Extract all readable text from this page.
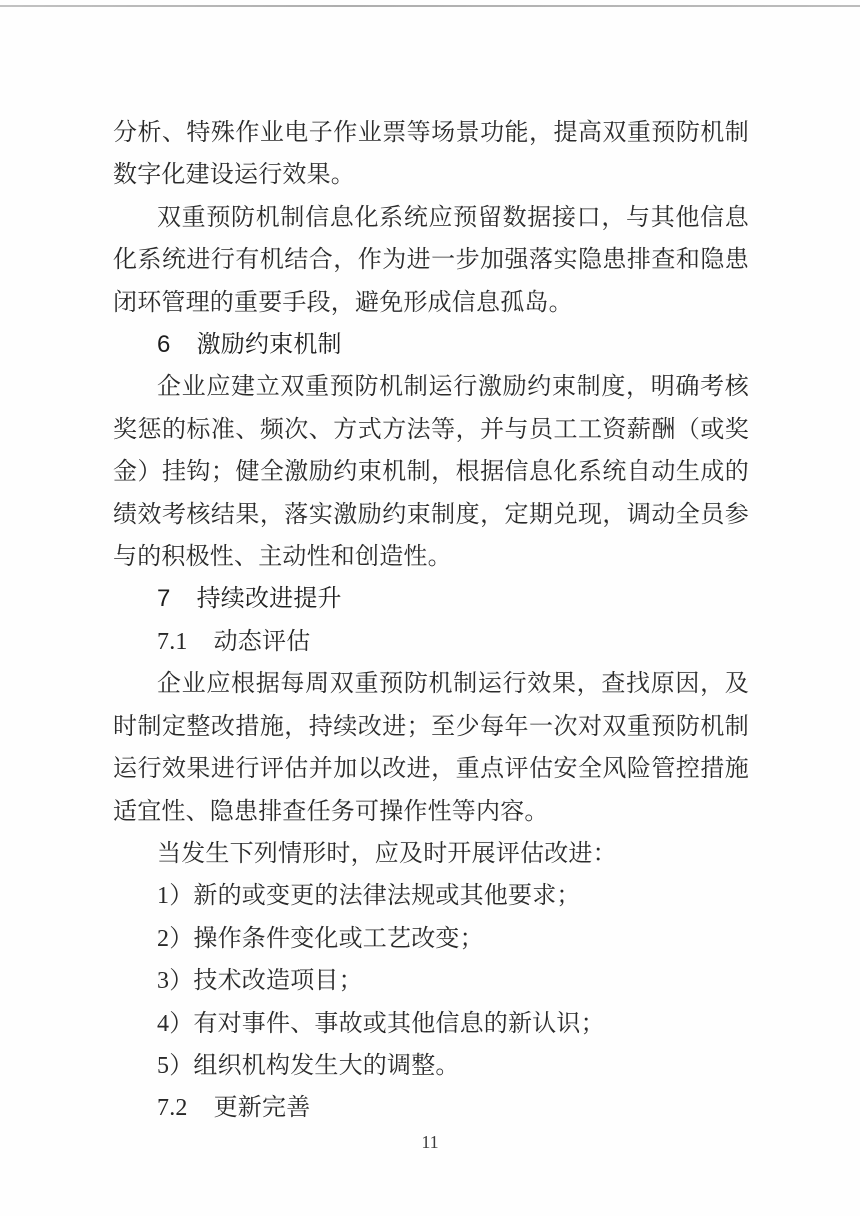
分析、特殊作业电子作业票等场景功能，提高双重预防机制数字化建设运行效果。

双重预防机制信息化系统应预留数据接口，与其他信息化系统进行有机结合，作为进一步加强落实隐患排查和隐患闭环管理的重要手段，避免形成信息孤岛。

6 激励约束机制

企业应建立双重预防机制运行激励约束制度，明确考核奖惩的标准、频次、方式方法等，并与员工工资薪酬（或奖金）挂钩；健全激励约束机制，根据信息化系统自动生成的绩效考核结果，落实激励约束制度，定期兑现，调动全员参与的积极性、主动性和创造性。

7 持续改进提升
7.1 动态评估

企业应根据每周双重预防机制运行效果，查找原因，及时制定整改措施，持续改进；至少每年一次对双重预防机制运行效果进行评估并加以改进，重点评估安全风险管控措施适宜性、隐患排查任务可操作性等内容。

当发生下列情形时，应及时开展评估改进：

1）新的或变更的法律法规或其他要求；

2）操作条件变化或工艺改变；

3）技术改造项目；

4）有对事件、事故或其他信息的新认识；

5）组织机构发生大的调整。

7.2 更新完善
11
